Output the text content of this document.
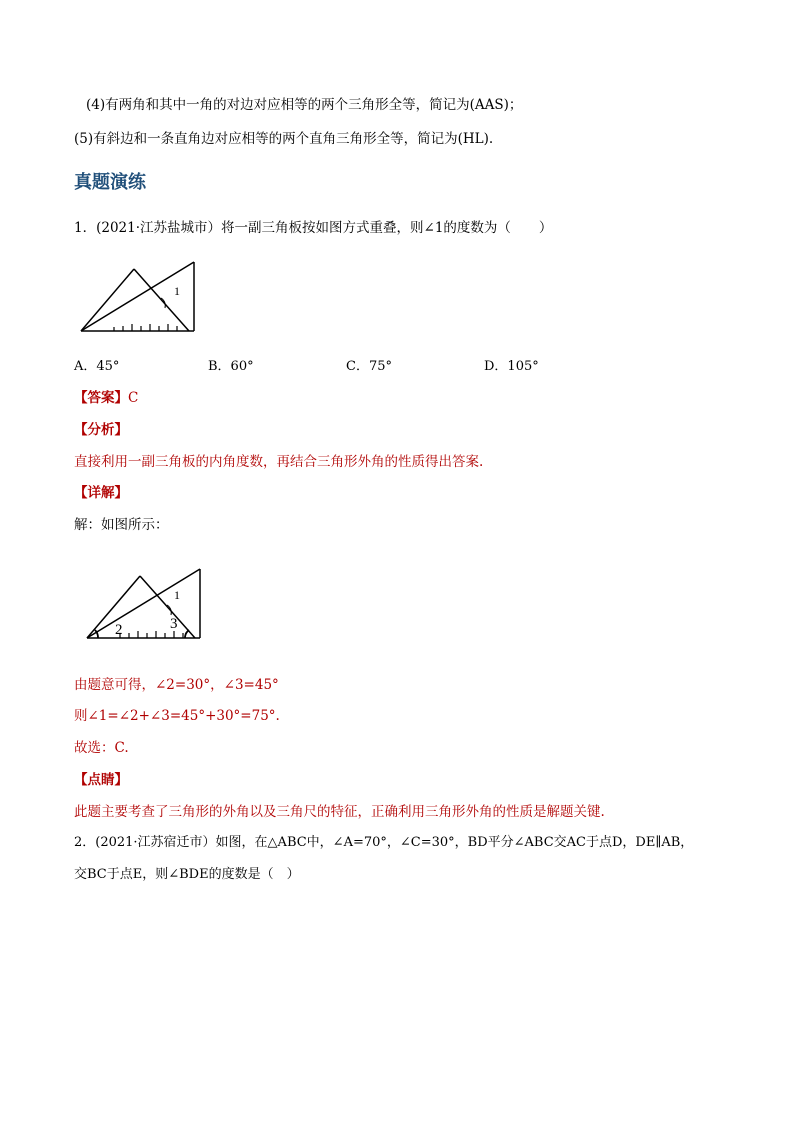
(4)有两角和其中一角的对边对应相等的两个三角形全等，简记为(AAS)；
(5)有斜边和一条直角边对应相等的两个直角三角形全等，简记为(HL).
真题演练
1．(2021·江苏盐城市）将一副三角板按如图方式重叠，则∠1的度数为（ ）
1
A．45°	B．60°	C．75°	D．105°
【答案】C
【分析】
直接利用一副三角板的内角度数，再结合三角形外角的性质得出答案.
【详解】
解：如图所示：
1
2	3
由题意可得，∠2=30°，∠3=45°
则∠1=∠2+∠3=45°+30°=75°.
故选：C.
【点睛】
此题主要考查了三角形的外角以及三角尺的特征，正确利用三角形外角的性质是解题关键.
2．(2021·江苏宿迁市）如图，在△ABC中，∠A=70°，∠C=30°，BD平分∠ABC交AC于点D，DE∥AB，
交BC于点E，则∠BDE的度数是（　）
